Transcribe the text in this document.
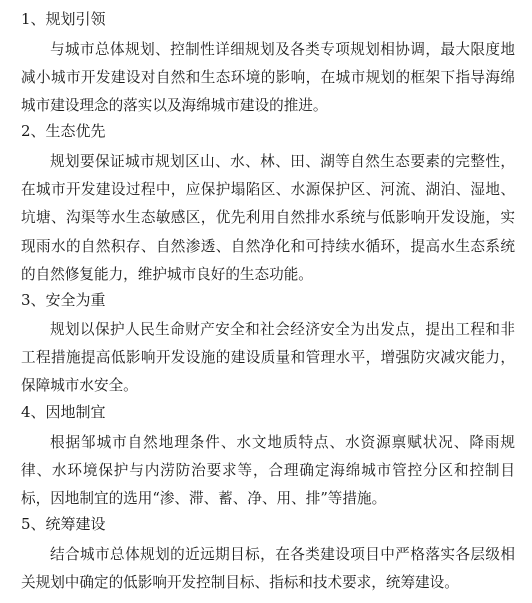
1、规划引领

与城市总体规划、控制性详细规划及各类专项规划相协调，最大限度地减小城市开发建设对自然和生态环境的影响，在城市规划的框架下指导海绵城市建设理念的落实以及海绵城市建设的推进。

2、生态优先

规划要保证城市规划区山、水、林、田、湖等自然生态要素的完整性，在城市开发建设过程中，应保护塌陷区、水源保护区、河流、湖泊、湿地、坑塘、沟渠等水生态敏感区，优先利用自然排水系统与低影响开发设施，实现雨水的自然积存、自然渗透、自然净化和可持续水循环，提高水生态系统的自然修复能力，维护城市良好的生态功能。

3、安全为重

规划以保护人民生命财产安全和社会经济安全为出发点，提出工程和非工程措施提高低影响开发设施的建设质量和管理水平，增强防灾减灾能力，保障城市水安全。

4、因地制宜

根据邹城市自然地理条件、水文地质特点、水资源禀赋状况、降雨规律、水环境保护与内涝防治要求等，合理确定海绵城市管控分区和控制目标，因地制宜的选用“渗、滞、蓄、净、用、排”等措施。

5、统筹建设

结合城市总体规划的近远期目标，在各类建设项目中严格落实各层级相关规划中确定的低影响开发控制目标、指标和技术要求，统筹建设。
